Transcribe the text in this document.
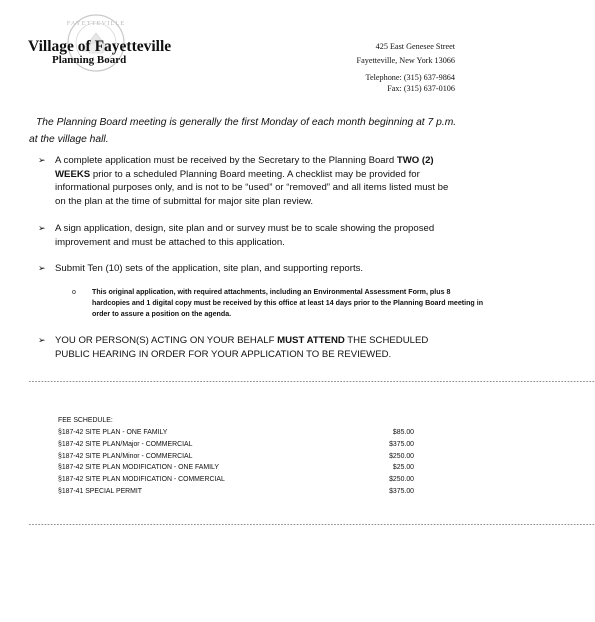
FAYETTEVILLE
Village of Fayetteville
Planning Board
425 East Genesee Street
Fayetteville, New York 13066
Telephone: (315) 637-9864
Fax: (315) 637-0106
The Planning Board meeting is generally the first Monday of each month beginning at 7 p.m.
at the village hall.
➢ A complete application must be received by the Secretary to the Planning Board TWO (2) WEEKS prior to a scheduled Planning Board meeting. A checklist may be provided for informational purposes only, and is not to be “used” or “removed” and all items listed must be on the plan at the time of submittal for major site plan review.
➢ A sign application, design, site plan and or survey must be to scale showing the proposed improvement and must be attached to this application.
➢ Submit Ten (10) sets of the application, site plan, and supporting reports.
o This original application, with required attachments, including an Environmental Assessment Form, plus 8 hardcopies and 1 digital copy must be received by this office at least 14 days prior to the Planning Board meeting in order to assure a position on the agenda.
➢ YOU OR PERSON(S) ACTING ON YOUR BEHALF MUST ATTEND THE SCHEDULED PUBLIC HEARING IN ORDER FOR YOUR APPLICATION TO BE REVIEWED.
--------------------------------------------------------------------------------------------------------------------------------------------------------------------------------------
FEE SCHEDULE:
§187-42 SITE PLAN - ONE FAMILY	$85.00
§187-42 SITE PLAN/Major - COMMERCIAL	$375.00
§187-42 SITE PLAN/Minor - COMMERCIAL	$250.00
§187-42 SITE PLAN MODIFICATION - ONE FAMILY	$25.00
§187-42 SITE PLAN MODIFICATION - COMMERCIAL	$250.00
§187-41 SPECIAL PERMIT	$375.00
--------------------------------------------------------------------------------------------------------------------------------------------------------------------------------------
